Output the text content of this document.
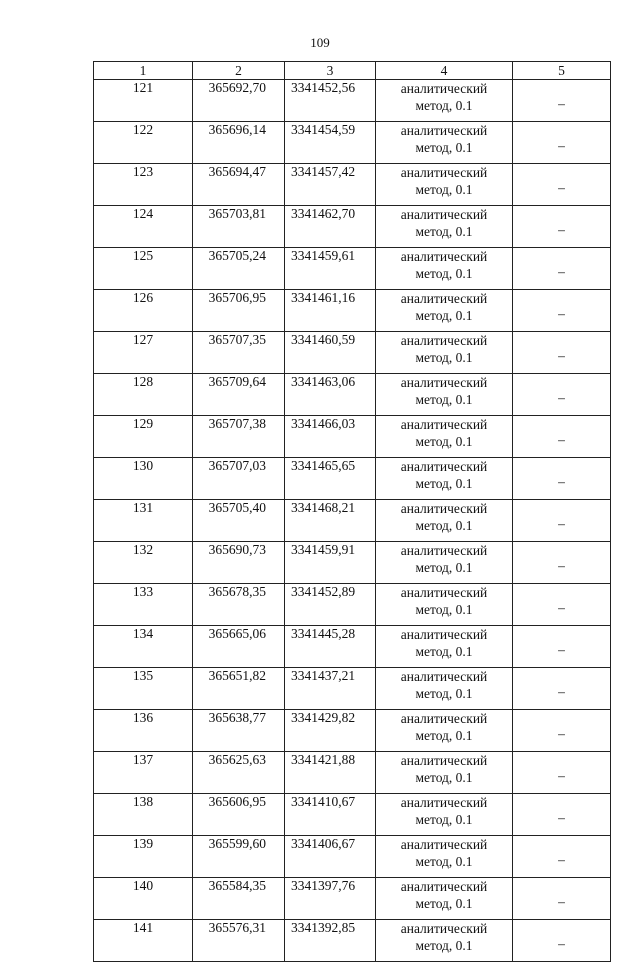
109
1	2	3	4	5
121	365692,70	3341452,56	аналитический
метод, 0.1	–
122	365696,14	3341454,59	аналитический
метод, 0.1	–
123	365694,47	3341457,42	аналитический
метод, 0.1	–
124	365703,81	3341462,70	аналитический
метод, 0.1	–
125	365705,24	3341459,61	аналитический
метод, 0.1	–
126	365706,95	3341461,16	аналитический
метод, 0.1	–
127	365707,35	3341460,59	аналитический
метод, 0.1	–
128	365709,64	3341463,06	аналитический
метод, 0.1	–
129	365707,38	3341466,03	аналитический
метод, 0.1	–
130	365707,03	3341465,65	аналитический
метод, 0.1	–
131	365705,40	3341468,21	аналитический
метод, 0.1	–
132	365690,73	3341459,91	аналитический
метод, 0.1	–
133	365678,35	3341452,89	аналитический
метод, 0.1	–
134	365665,06	3341445,28	аналитический
метод, 0.1	–
135	365651,82	3341437,21	аналитический
метод, 0.1	–
136	365638,77	3341429,82	аналитический
метод, 0.1	–
137	365625,63	3341421,88	аналитический
метод, 0.1	–
138	365606,95	3341410,67	аналитический
метод, 0.1	–
139	365599,60	3341406,67	аналитический
метод, 0.1	–
140	365584,35	3341397,76	аналитический
метод, 0.1	–
141	365576,31	3341392,85	аналитический
метод, 0.1	–
